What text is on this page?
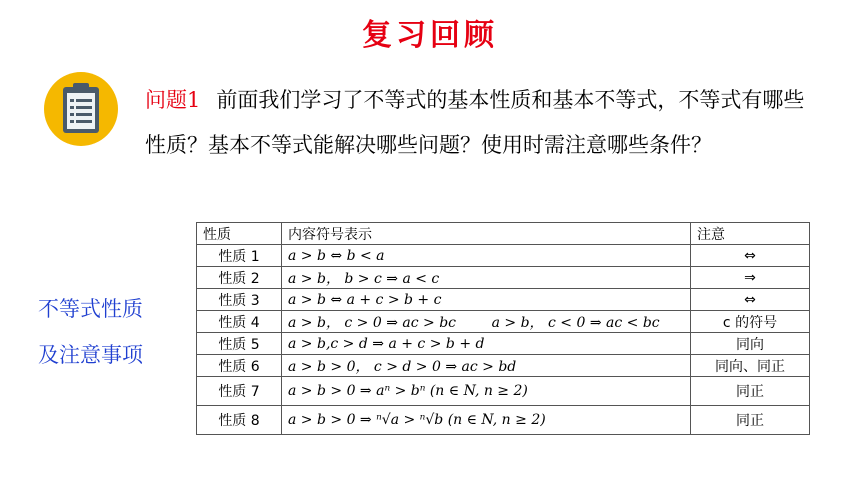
复习回顾
问题1 前面我们学习了不等式的基本性质和基本不等式，不等式有哪些性质？基本不等式能解决哪些问题？使用时需注意哪些条件？
不等式性质
及注意事项
性质	内容符号表示	注意
性质 1	a > b ⇔ b < a	⇔
性质 2	a > b， b > c ⇒ a < c	⇒
性质 3	a > b ⇔ a + c > b + c	⇔
性质 4	a > b， c > 0 ⇒ ac > bc        a > b， c < 0 ⇒ ac < bc	c 的符号
性质 5	a > b,c > d ⇒ a + c > b + d	同向
性质 6	a > b > 0， c > d > 0 ⇒ ac > bd	同向、同正
性质 7	a > b > 0 ⇒ aⁿ > bⁿ (n ∈ N, n ≥ 2)	同正
性质 8	a > b > 0 ⇒ ⁿ√a > ⁿ√b (n ∈ N, n ≥ 2)	同正
